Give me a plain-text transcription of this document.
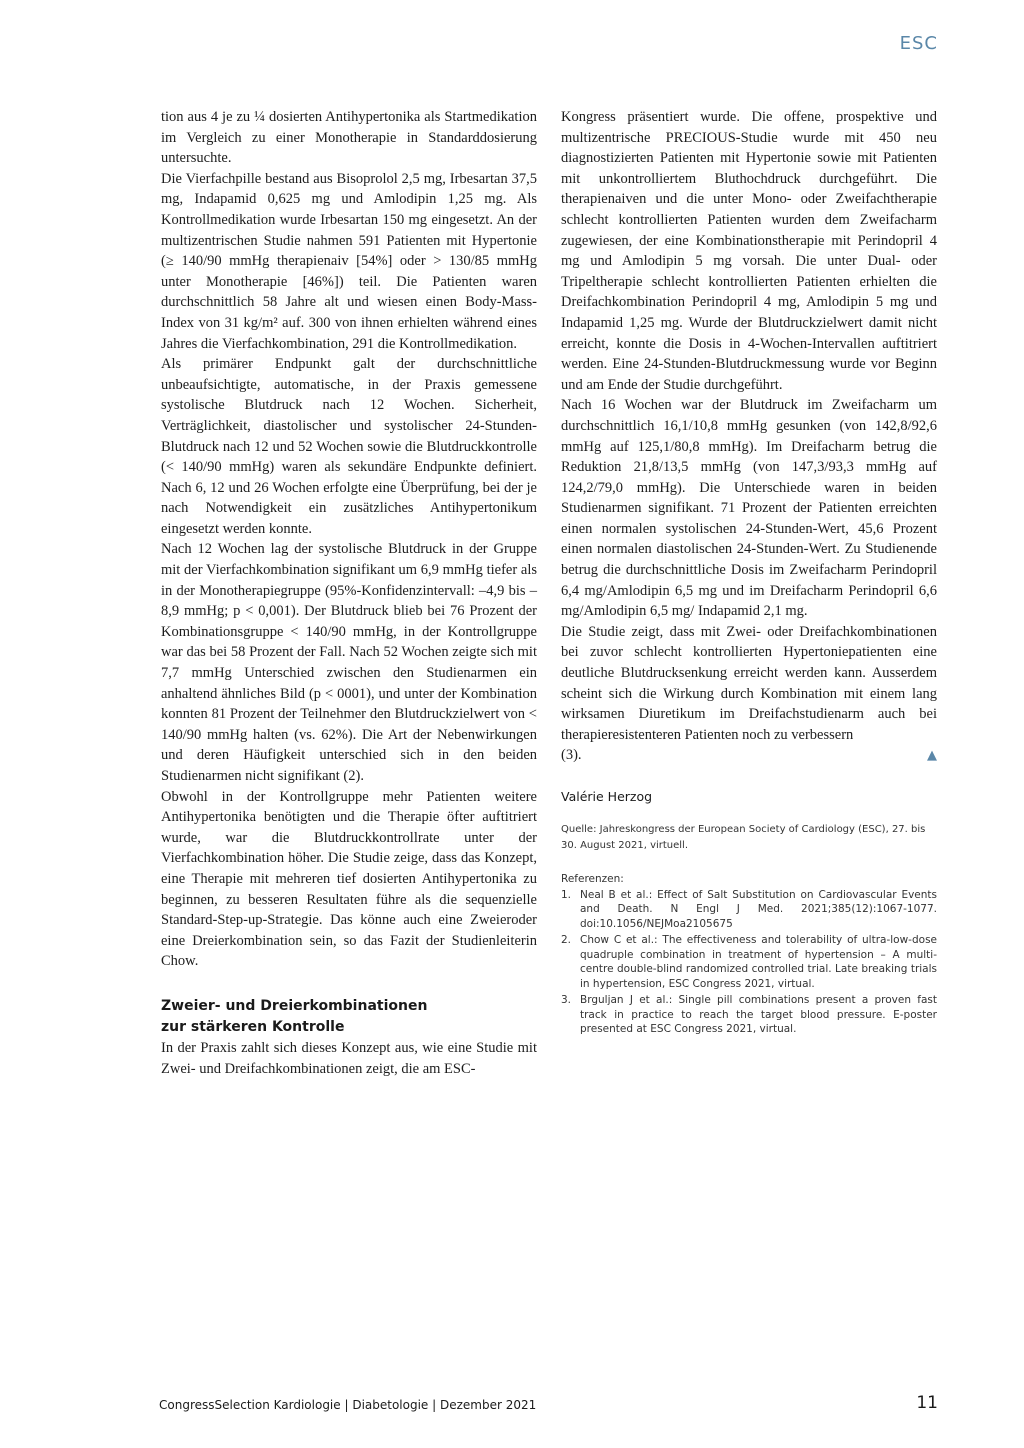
ESC

tion aus 4 je zu ¼ dosierten Antihypertonika als Startmedikation im Vergleich zu einer Monotherapie in Standarddosierung untersuchte.

Die Vierfachpille bestand aus Bisoprolol 2,5 mg, Irbesartan 37,5 mg, Indapamid 0,625 mg und Amlodipin 1,25 mg. Als Kontrollmedikation wurde Irbesartan 150 mg eingesetzt. An der multizentrischen Studie nahmen 591 Patienten mit Hypertonie (≥ 140/90 mmHg therapienaiv [54%] oder > 130/85 mmHg unter Monotherapie [46%]) teil. Die Patienten waren durchschnittlich 58 Jahre alt und wiesen einen Body-Mass-Index von 31 kg/m² auf. 300 von ihnen erhielten während eines Jahres die Vierfachkombination, 291 die Kontrollmedikation.

Als primärer Endpunkt galt der durchschnittliche unbeaufsichtigte, automatische, in der Praxis gemessene systolische Blutdruck nach 12 Wochen. Sicherheit, Verträglichkeit, diastolischer und systolischer 24-Stunden-Blutdruck nach 12 und 52 Wochen sowie die Blutdruckkontrolle (< 140/90 mmHg) waren als sekundäre Endpunkte definiert. Nach 6, 12 und 26 Wochen erfolgte eine Überprüfung, bei der je nach Notwendigkeit ein zusätzliches Antihypertonikum eingesetzt werden konnte.

Nach 12 Wochen lag der systolische Blutdruck in der Gruppe mit der Vierfachkombination signifikant um 6,9 mmHg tiefer als in der Monotherapiegruppe (95%-Konfidenzintervall: –4,9 bis –8,9 mmHg; p < 0,001). Der Blutdruck blieb bei 76 Prozent der Kombinationsgruppe < 140/90 mmHg, in der Kontrollgruppe war das bei 58 Prozent der Fall. Nach 52 Wochen zeigte sich mit 7,7 mmHg Unterschied zwischen den Studienarmen ein anhaltend ähnliches Bild (p < 0001), und unter der Kombination konnten 81 Prozent der Teilnehmer den Blutdruckzielwert von < 140/90 mmHg halten (vs. 62%). Die Art der Nebenwirkungen und deren Häufigkeit unterschied sich in den beiden Studienarmen nicht signifikant (2).

Obwohl in der Kontrollgruppe mehr Patienten weitere Antihypertonika benötigten und die Therapie öfter auftitriert wurde, war die Blutdruckkontrollrate unter der Vierfachkombination höher. Die Studie zeige, dass das Konzept, eine Therapie mit mehreren tief dosierten Antihypertonika zu beginnen, zu besseren Resultaten führe als die sequenzielle Standard-Step-up-Strategie. Das könne auch eine Zweieroder eine Dreierkombination sein, so das Fazit der Studienleiterin Chow.

Zweier- und Dreierkombinationen
zur stärkeren Kontrolle

In der Praxis zahlt sich dieses Konzept aus, wie eine Studie mit Zwei- und Dreifachkombinationen zeigt, die am ESC-

Kongress präsentiert wurde. Die offene, prospektive und multizentrische PRECIOUS-Studie wurde mit 450 neu diagnostizierten Patienten mit Hypertonie sowie mit Patienten mit unkontrolliertem Bluthochdruck durchgeführt. Die therapienaiven und die unter Mono- oder Zweifachtherapie schlecht kontrollierten Patienten wurden dem Zweifacharm zugewiesen, der eine Kombinationstherapie mit Perindopril 4 mg und Amlodipin 5 mg vorsah. Die unter Dual- oder Tripeltherapie schlecht kontrollierten Patienten erhielten die Dreifachkombination Perindopril 4 mg, Amlodipin 5 mg und Indapamid 1,25 mg. Wurde der Blutdruckzielwert damit nicht erreicht, konnte die Dosis in 4-Wochen-Intervallen auftitriert werden. Eine 24-Stunden-Blutdruckmessung wurde vor Beginn und am Ende der Studie durchgeführt.

Nach 16 Wochen war der Blutdruck im Zweifacharm um durchschnittlich 16,1/10,8 mmHg gesunken (von 142,8/92,6 mmHg auf 125,1/80,8 mmHg). Im Dreifacharm betrug die Reduktion 21,8/13,5 mmHg (von 147,3/93,3 mmHg auf 124,2/79,0 mmHg). Die Unterschiede waren in beiden Studienarmen signifikant. 71 Prozent der Patienten erreichten einen normalen systolischen 24-Stunden-Wert, 45,6 Prozent einen normalen diastolischen 24-Stunden-Wert. Zu Studienende betrug die durchschnittliche Dosis im Zweifacharm Perindopril 6,4 mg/Amlodipin 6,5 mg und im Dreifacharm Perindopril 6,6 mg/Amlodipin 6,5 mg/ Indapamid 2,1 mg.

Die Studie zeigt, dass mit Zwei- oder Dreifachkombinationen bei zuvor schlecht kontrollierten Hypertoniepatienten eine deutliche Blutdrucksenkung erreicht werden kann. Ausserdem scheint sich die Wirkung durch Kombination mit einem lang wirksamen Diuretikum im Dreifachstudienarm auch bei therapieresistenteren Patienten noch zu verbessern

(3).	▲

Valérie Herzog

Quelle: Jahreskongress der European Society of Cardiology (ESC), 27. bis 30. August 2021, virtuell.

Referenzen:

1. Neal B et al.: Effect of Salt Substitution on Cardiovascular Events and Death. N Engl J Med. 2021;385(12):1067-1077. doi:10.1056/NEJMoa2105675
2. Chow C et al.: The effectiveness and tolerability of ultra-low-dose quadruple combination in treatment of hypertension – A multi-centre double-blind randomized controlled trial. Late breaking trials in hypertension, ESC Congress 2021, virtual.
3. Brguljan J et al.: Single pill combinations present a proven fast track in practice to reach the target blood pressure. E-poster presented at ESC Congress 2021, virtual.
CongressSelection Kardiologie | Diabetologie | Dezember 2021	11
